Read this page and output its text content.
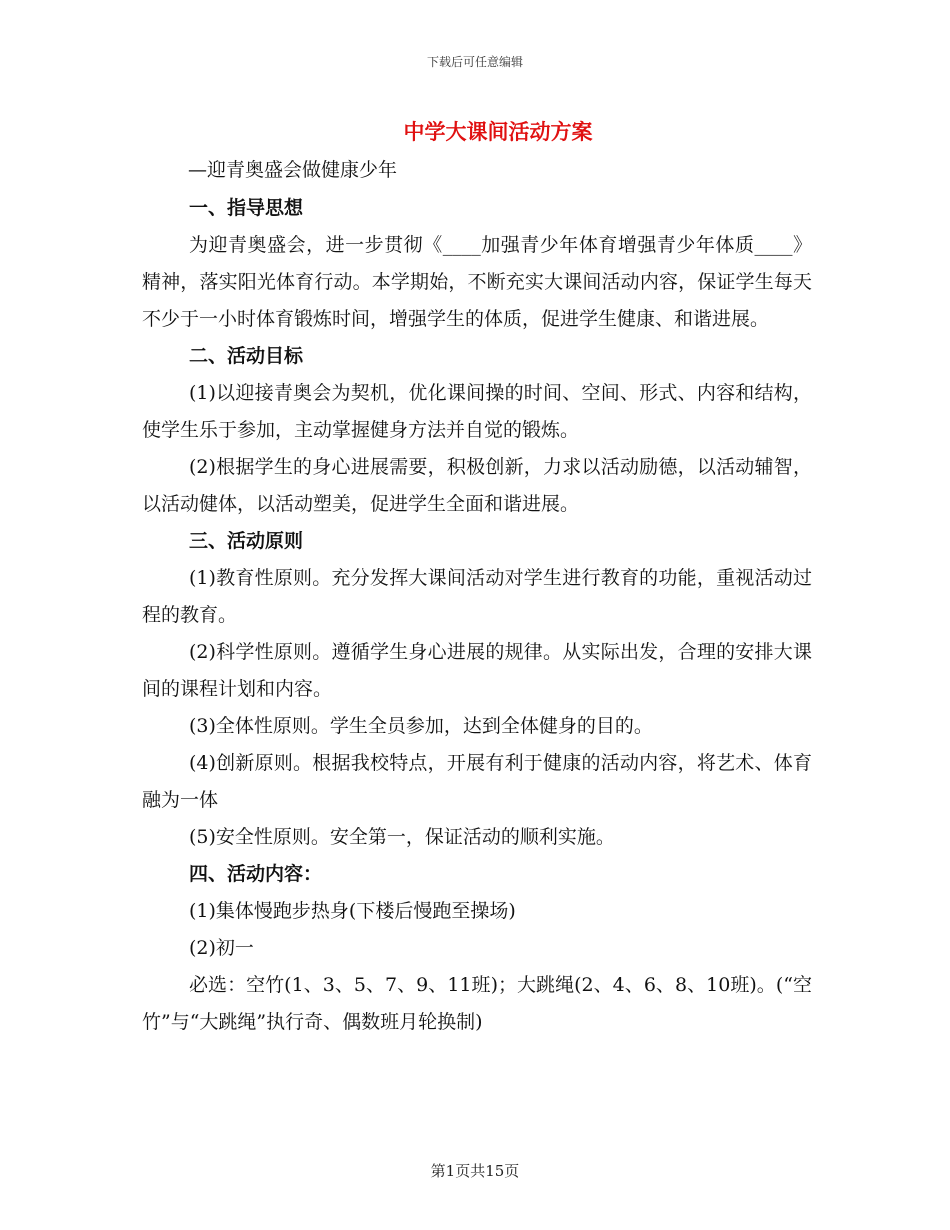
下载后可任意编辑
中学大课间活动方案
—迎青奥盛会做健康少年

一、指导思想

为迎青奥盛会，进一步贯彻《____加强青少年体育增强青少年体质____》精神，落实阳光体育行动。本学期始，不断充实大课间活动内容，保证学生每天不少于一小时体育锻炼时间，增强学生的体质，促进学生健康、和谐进展。

二、活动目标

(1)以迎接青奥会为契机，优化课间操的时间、空间、形式、内容和结构，使学生乐于参加，主动掌握健身方法并自觉的锻炼。

(2)根据学生的身心进展需要，积极创新，力求以活动励德，以活动辅智，以活动健体，以活动塑美，促进学生全面和谐进展。

三、活动原则

(1)教育性原则。充分发挥大课间活动对学生进行教育的功能，重视活动过程的教育。

(2)科学性原则。遵循学生身心进展的规律。从实际出发，合理的安排大课间的课程计划和内容。

(3)全体性原则。学生全员参加，达到全体健身的目的。

(4)创新原则。根据我校特点，开展有利于健康的活动内容，将艺术、体育融为一体

(5)安全性原则。安全第一，保证活动的顺利实施。

四、活动内容：

(1)集体慢跑步热身(下楼后慢跑至操场)

(2)初一

必选：空竹(1、3、5、7、9、11班)；大跳绳(2、4、6、8、10班)。(“空竹”与“大跳绳”执行奇、偶数班月轮换制)

第1页共15页
